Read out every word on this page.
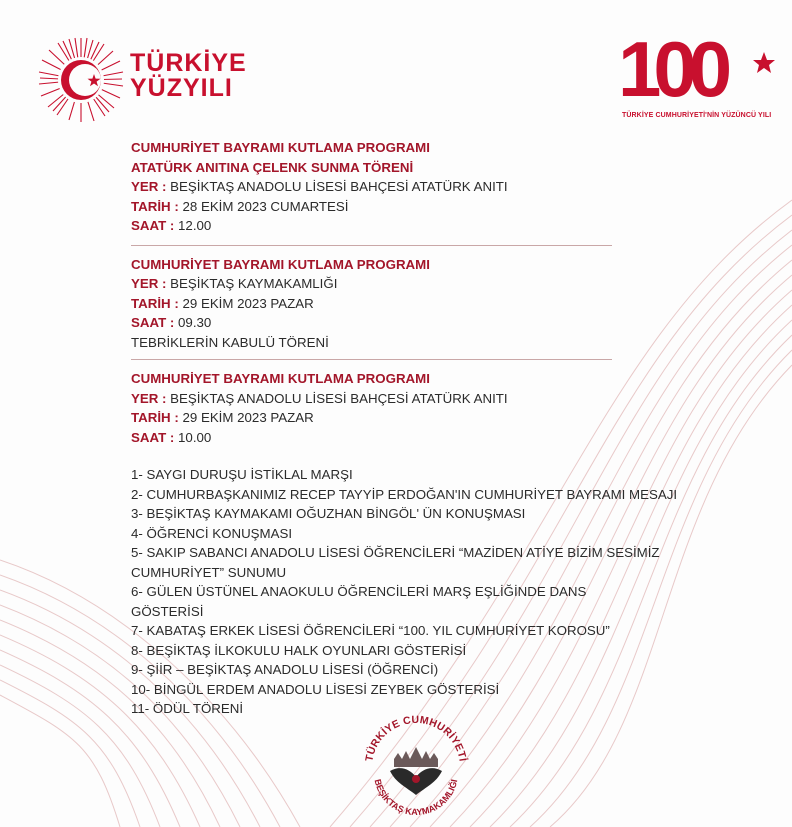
TÜRKİYE
YÜZYILI	100
TÜRKİYE CUMHURİYETİ'NİN YÜZÜNCÜ YILI
CUMHURİYET BAYRAMI KUTLAMA PROGRAMI
ATATÜRK ANITINA ÇELENK SUNMA TÖRENİ
YER : BEŞİKTAŞ ANADOLU LİSESİ BAHÇESİ ATATÜRK ANITI
TARİH : 28 EKİM 2023 CUMARTESİ
SAAT : 12.00
CUMHURİYET BAYRAMI KUTLAMA PROGRAMI
YER : BEŞİKTAŞ KAYMAKAMLIĞI
TARİH : 29 EKİM 2023 PAZAR
SAAT : 09.30
TEBRİKLERİN KABULÜ TÖRENİ
CUMHURİYET BAYRAMI KUTLAMA PROGRAMI
YER : BEŞİKTAŞ ANADOLU LİSESİ BAHÇESİ ATATÜRK ANITI
TARİH : 29 EKİM 2023 PAZAR
SAAT : 10.00
1- SAYGI DURUŞU İSTİKLAL MARŞI
2- CUMHURBAŞKANIMIZ RECEP TAYYİP ERDOĞAN'IN CUMHURİYET BAYRAMI MESAJI
3- BEŞİKTAŞ KAYMAKAMI OĞUZHAN BİNGÖL' ÜN KONUŞMASI
4- ÖĞRENCİ KONUŞMASI
5- SAKIP SABANCI ANADOLU LİSESİ ÖĞRENCİLERİ “MAZİDEN ATİYE BİZİM SESİMİZ
CUMHURİYET” SUNUMU
6- GÜLEN ÜSTÜNEL ANAOKULU ÖĞRENCİLERİ MARŞ EŞLİĞİNDE DANS
GÖSTERİSİ
7- KABATAŞ ERKEK LİSESİ ÖĞRENCİLERİ “100. YIL CUMHURİYET KOROSU”
8- BEŞİKTAŞ İLKOKULU HALK OYUNLARI GÖSTERİSİ
9- ŞİİR – BEŞİKTAŞ ANADOLU LİSESİ (ÖĞRENCİ)
10- BİNGÜL ERDEM ANADOLU LİSESİ ZEYBEK GÖSTERİSİ
11- ÖDÜL TÖRENİ
TÜRKİYE CUMHURİYETİ
BEŞİKTAŞ KAYMAKAMLIĞI
